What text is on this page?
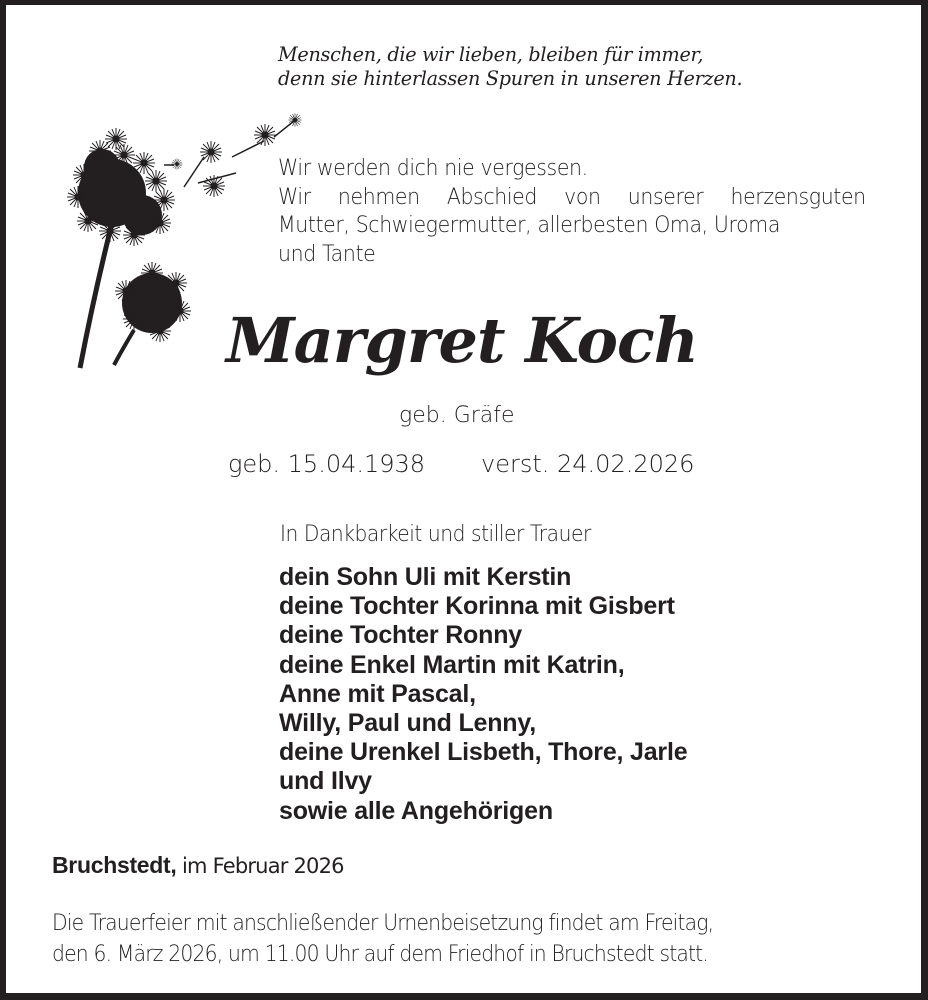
Menschen, die wir lieben, bleiben für immer,
denn sie hinterlassen Spuren in unseren Herzen.
Wir werden dich nie vergessen.
Wir nehmen Abschied von unserer herzensguten
Mutter, Schwiegermutter, allerbesten Oma, Uroma
und Tante
Margret Koch
geb. Gräfe
geb. 15.04.1938 verst. 24.02.2026
In Dankbarkeit und stiller Trauer
dein Sohn Uli mit Kerstin
deine Tochter Korinna mit Gisbert
deine Tochter Ronny
deine Enkel Martin mit Katrin,
Anne mit Pascal,
Willy, Paul und Lenny,
deine Urenkel Lisbeth, Thore, Jarle
und Ilvy
sowie alle Angehörigen
Bruchstedt, im Februar 2026
Die Trauerfeier mit anschließender Urnenbeisetzung findet am Freitag,
den 6. März 2026, um 11.00 Uhr auf dem Friedhof in Bruchstedt statt.
